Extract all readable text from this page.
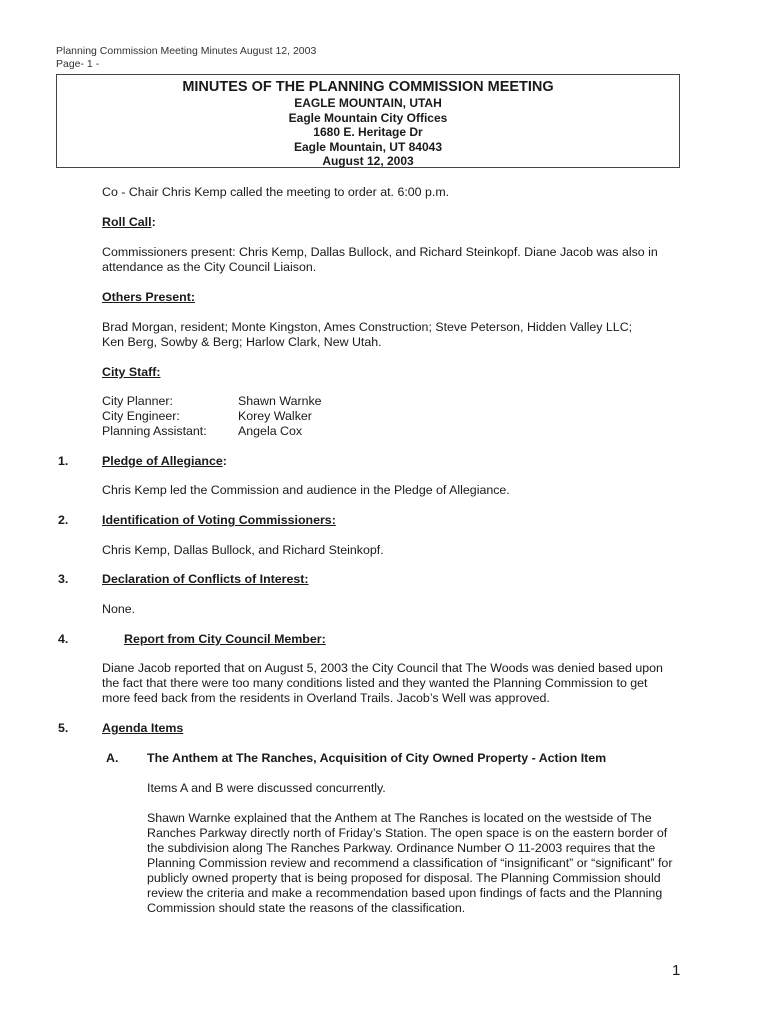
Planning Commission Meeting Minutes August 12, 2003
Page- 1 -
MINUTES OF THE PLANNING COMMISSION MEETING
EAGLE MOUNTAIN, UTAH
Eagle Mountain City Offices
1680 E. Heritage Dr
Eagle Mountain, UT 84043
August 12, 2003
Co - Chair Chris Kemp called the meeting to order at. 6:00 p.m.
Roll Call:
Commissioners present: Chris Kemp, Dallas Bullock, and Richard Steinkopf. Diane Jacob was also in attendance as the City Council Liaison.
Others Present:
Brad Morgan, resident; Monte Kingston, Ames Construction; Steve Peterson, Hidden Valley LLC;
Ken Berg, Sowby & Berg; Harlow Clark, New Utah.
City Staff:
City Planner:	Shawn Warnke
City Engineer:	Korey Walker
Planning Assistant:	Angela Cox
1.	Pledge of Allegiance:
Chris Kemp led the Commission and audience in the Pledge of Allegiance.
2.	Identification of Voting Commissioners:
Chris Kemp, Dallas Bullock, and Richard Steinkopf.
3.	Declaration of Conflicts of Interest:
None.
4.	Report from City Council Member:
Diane Jacob reported that on August 5, 2003 the City Council that The Woods was denied based upon the fact that there were too many conditions listed and they wanted the Planning Commission to get more feed back from the residents in Overland Trails. Jacob’s Well was approved.
5.	Agenda Items
A. The Anthem at The Ranches, Acquisition of City Owned Property - Action Item
Items A and B were discussed concurrently.
Shawn Warnke explained that the Anthem at The Ranches is located on the westside of The Ranches Parkway directly north of Friday’s Station. The open space is on the eastern border of the subdivision along The Ranches Parkway. Ordinance Number O 11-2003 requires that the Planning Commission review and recommend a classification of “insignificant” or “significant” for publicly owned property that is being proposed for disposal. The Planning Commission should review the criteria and make a recommendation based upon findings of facts and the Planning Commission should state the reasons of the classification.
1
